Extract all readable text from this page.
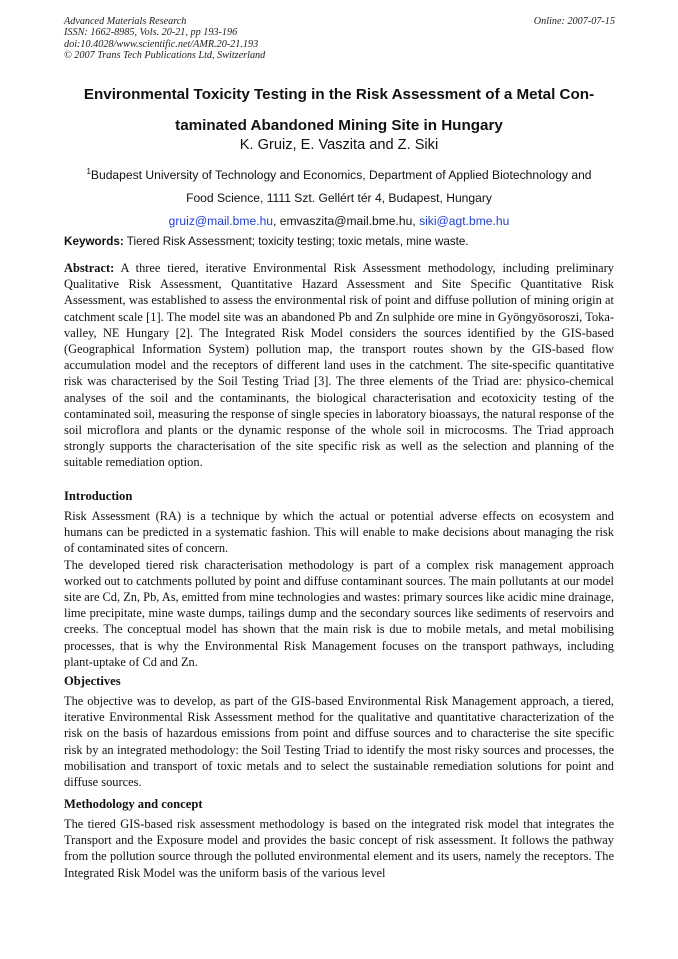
Advanced Materials Research
ISSN: 1662-8985, Vols. 20-21, pp 193-196
doi:10.4028/www.scientific.net/AMR.20-21.193
© 2007 Trans Tech Publications Ltd, Switzerland
Online: 2007-07-15
Environmental Toxicity Testing in the Risk Assessment of a Metal Con-
taminated Abandoned Mining Site in Hungary
K. Gruiz, E. Vaszita and Z. Siki
$^1$Budapest University of Technology and Economics, Department of Applied Biotechnology and
Food Science, 1111 Szt. Gellért tér 4, Budapest, Hungary
gruiz@mail.bme.hu, emvaszita@mail.bme.hu, siki@agt.bme.hu
Keywords: Tiered Risk Assessment; toxicity testing; toxic metals, mine waste.

Abstract: A three tiered, iterative Environmental Risk Assessment methodology, including preliminary Qualitative Risk Assessment, Quantitative Hazard Assessment and Site Specific Quantitative Risk Assessment, was established to assess the environmental risk of point and diffuse pollution of mining origin at catchment scale [1]. The model site was an abandoned Pb and Zn sulphide ore mine in Gyöngyösoroszi, Toka-valley, NE Hungary [2]. The Integrated Risk Model considers the sources identified by the GIS-based (Geographical Information System) pollution map, the transport routes shown by the GIS-based flow accumulation model and the receptors of different land uses in the catchment. The site-specific quantitative risk was characterised by the Soil Testing Triad [3]. The three elements of the Triad are: physico-chemical analyses of the soil and the contaminants, the biological characterisation and ecotoxicity testing of the contaminated soil, measuring the response of single species in laboratory bioassays, the natural response of the soil microflora and plants or the dynamic response of the whole soil in microcosms. The Triad approach strongly supports the characterisation of the site specific risk as well as the selection and planning of the suitable remediation option.

Introduction

Risk Assessment (RA) is a technique by which the actual or potential adverse effects on ecosystem and humans can be predicted in a systematic fashion. This will enable to make decisions about managing the risk of contaminated sites of concern.

The developed tiered risk characterisation methodology is part of a complex risk management approach worked out to catchments polluted by point and diffuse contaminant sources. The main pollutants at our model site are Cd, Zn, Pb, As, emitted from mine technologies and wastes: primary sources like acidic mine drainage, lime precipitate, mine waste dumps, tailings dump and the secondary sources like sediments of reservoirs and creeks. The conceptual model has shown that the main risk is due to mobile metals, and metal mobilising processes, that is why the Environmental Risk Management focuses on the transport pathways, including plant-uptake of Cd and Zn.

Objectives

The objective was to develop, as part of the GIS-based Environmental Risk Management approach, a tiered, iterative Environmental Risk Assessment method for the qualitative and quantitative characterization of the risk on the basis of hazardous emissions from point and diffuse sources and to characterise the site specific risk by an integrated methodology: the Soil Testing Triad to identify the most risky sources and processes, the mobilisation and transport of toxic metals and to select the sustainable remediation solutions for point and diffuse sources.

Methodology and concept

The tiered GIS-based risk assessment methodology is based on the integrated risk model that integrates the Transport and the Exposure model and provides the basic concept of risk assessment. It follows the pathway from the pollution source through the polluted environmental element and its users, namely the receptors. The Integrated Risk Model was the uniform basis of the various level
